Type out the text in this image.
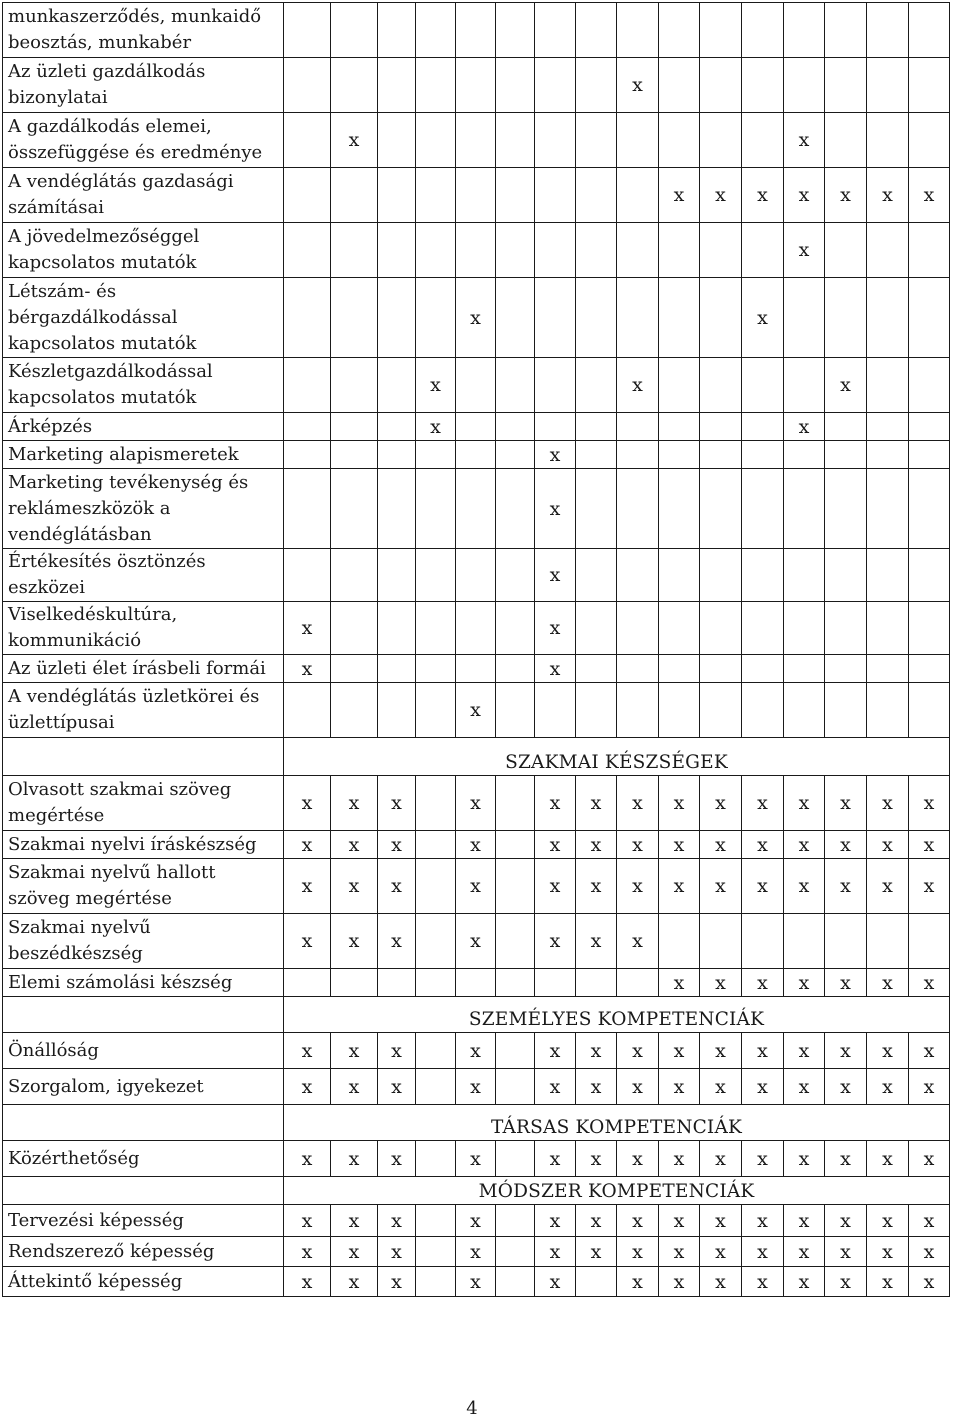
munkaszerződés, munkaidő beosztás, munkabér																
Az üzleti gazdálkodás bizonylatai									x							
A gazdálkodás elemei, összefüggése és eredménye		x											x			
A vendéglátás gazdasági számításai										x	x	x	x	x	x	x
A jövedelmezőséggel kapcsolatos mutatók													x			
Létszám- és bérgazdálkodással kapcsolatos mutatók					x							x				
Készletgazdálkodással kapcsolatos mutatók				x					x					x		
Árképzés				x									x			
Marketing alapismeretek							x									
Marketing tevékenység és reklámeszközök a vendéglátásban							x									
Értékesítés ösztönzés eszközei							x									
Viselkedéskultúra, kommunikáció	x						x									
Az üzleti élet írásbeli formái	x						x									
A vendéglátás üzletkörei és üzlettípusai					x											
	SZAKMAI KÉSZSÉGEK															
Olvasott szakmai szöveg megértése	x	x	x		x		x	x	x	x	x	x	x	x	x	x
Szakmai nyelvi íráskészség	x	x	x		x		x	x	x	x	x	x	x	x	x	x
Szakmai nyelvű hallott szöveg megértése	x	x	x		x		x	x	x	x	x	x	x	x	x	x
Szakmai nyelvű beszédkészség	x	x	x		x		x	x	x							
Elemi számolási készség										x	x	x	x	x	x	x
	SZEMÉLYES KOMPETENCIÁK															
Önállóság	x	x	x		x		x	x	x	x	x	x	x	x	x	x
Szorgalom, igyekezet	x	x	x		x		x	x	x	x	x	x	x	x	x	x
	TÁRSAS KOMPETENCIÁK															
Közérthetőség	x	x	x		x		x	x	x	x	x	x	x	x	x	x
	MÓDSZER KOMPETENCIÁK															
Tervezési képesség	x	x	x		x		x	x	x	x	x	x	x	x	x	x
Rendszerező képesség	x	x	x		x		x	x	x	x	x	x	x	x	x	x
Áttekintő képesség	x	x	x		x		x		x	x	x	x	x	x	x	x
4
